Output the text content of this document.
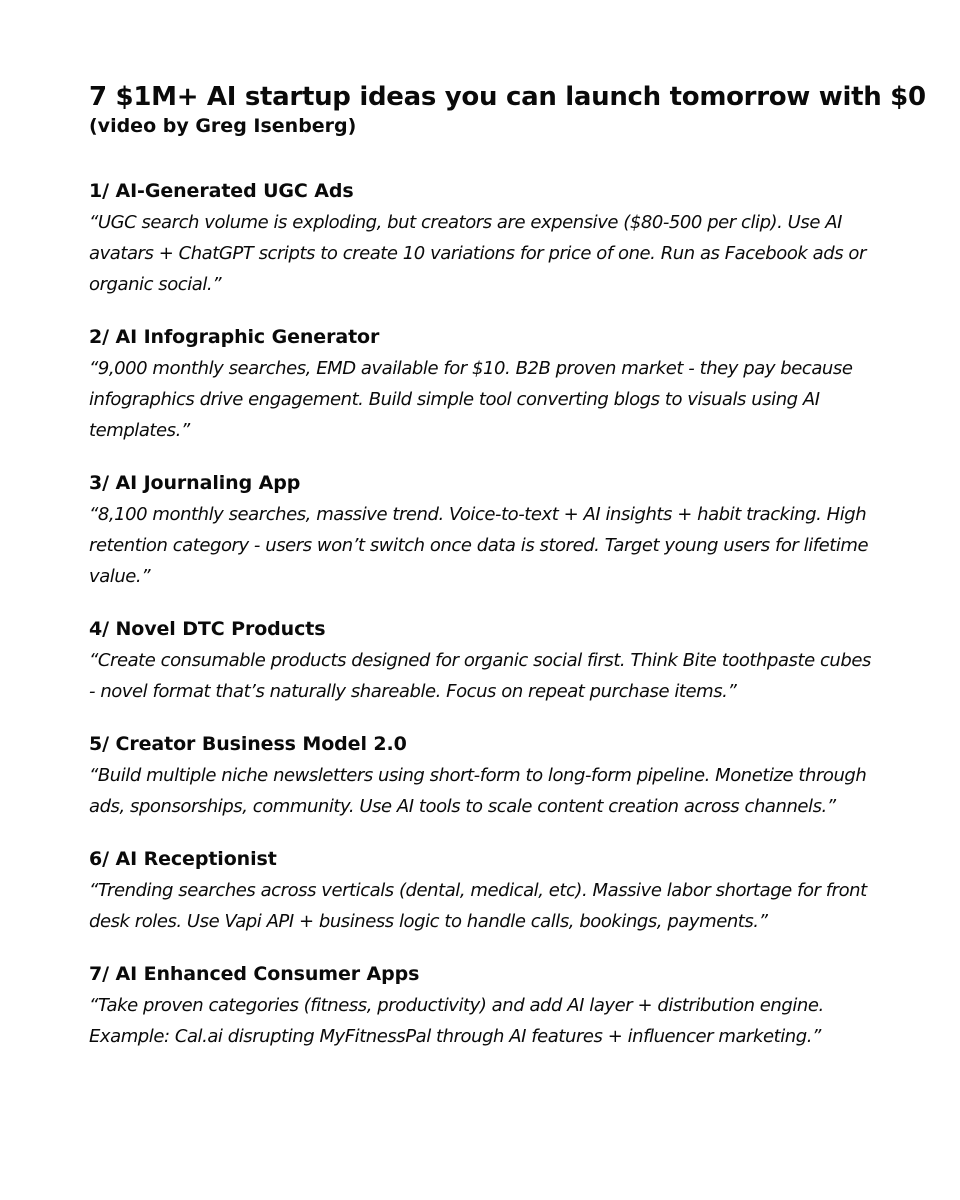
7 $1M+ AI startup ideas you can launch tomorrow with $0
(video by Greg Isenberg)
1/ AI-Generated UGC Ads

“UGC search volume is exploding, but creators are expensive ($80-500 per clip). Use AI avatars + ChatGPT scripts to create 10 variations for price of one. Run as Facebook ads or organic social.”

2/ AI Infographic Generator

“9,000 monthly searches, EMD available for $10. B2B proven market - they pay because infographics drive engagement. Build simple tool converting blogs to visuals using AI templates.”

3/ AI Journaling App

“8,100 monthly searches, massive trend. Voice-to-text + AI insights + habit tracking. High retention category - users won’t switch once data is stored. Target young users for lifetime value.”

4/ Novel DTC Products

“Create consumable products designed for organic social first. Think Bite toothpaste cubes - novel format that’s naturally shareable. Focus on repeat purchase items.”

5/ Creator Business Model 2.0

“Build multiple niche newsletters using short-form to long-form pipeline. Monetize through ads, sponsorships, community. Use AI tools to scale content creation across channels.”

6/ AI Receptionist

“Trending searches across verticals (dental, medical, etc). Massive labor shortage for front desk roles. Use Vapi API + business logic to handle calls, bookings, payments.”

7/ AI Enhanced Consumer Apps

“Take proven categories (fitness, productivity) and add AI layer + distribution engine. Example: Cal.ai disrupting MyFitnessPal through AI features + influencer marketing.”
